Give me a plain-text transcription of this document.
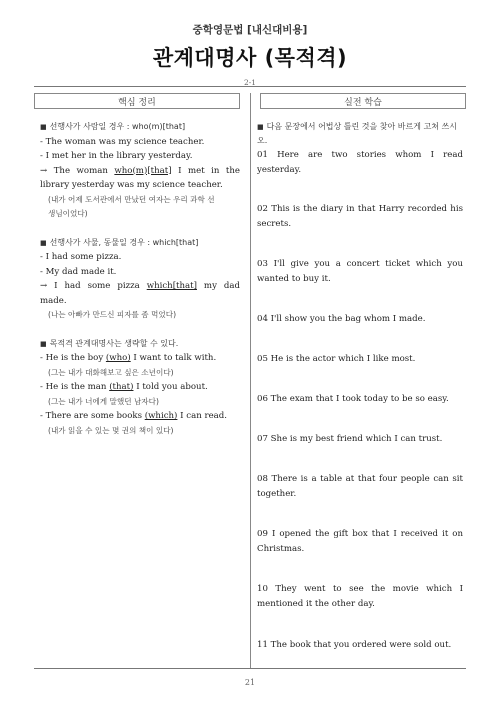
중학영문법 [내신대비용]
관계대명사 (목적격)
2-1
핵심 정리	실전 학습
■ 선행사가 사람일 경우 : who(m)[that]
- The woman was my science teacher.
- I met her in the library yesterday.
→ The woman who(m)[that] I met in the
library yesterday was my science teacher.
(내가 어제 도서관에서 만났던 여자는 우리 과학 선
생님이었다)
■ 선행사가 사물, 동물일 경우 : which[that]
- I had some pizza.
- My dad made it.
→ I had some pizza which[that] my dad
made.
(나는 아빠가 만드신 피자를 좀 먹었다)
■ 목적격 관계대명사는 생략할 수 있다.
- He is the boy (who) I want to talk with.
(그는 내가 대화해보고 싶은 소년이다)
- He is the man (that) I told you about.
(그는 내가 너에게 말했던 남자다)
- There are some books (which) I can read.
(내가 읽을 수 있는 몇 권의 책이 있다)
■ 다음 문장에서 어법상 틀린 것을 찾아 바르게 고쳐 쓰시오.
01 Here are two stories whom I read yesterday.
02 This is the diary in that Harry recorded his secrets.
03 I'll give you a concert ticket which you wanted to buy it.
04 I'll show you the bag whom I made.
05 He is the actor which I like most.
06 The exam that I took today to be so easy.
07 She is my best friend which I can trust.
08 There is a table at that four people can sit together.
09 I opened the gift box that I received it on Christmas.
10 They went to see the movie which I mentioned it the other day.
11 The book that you ordered were sold out.
21
